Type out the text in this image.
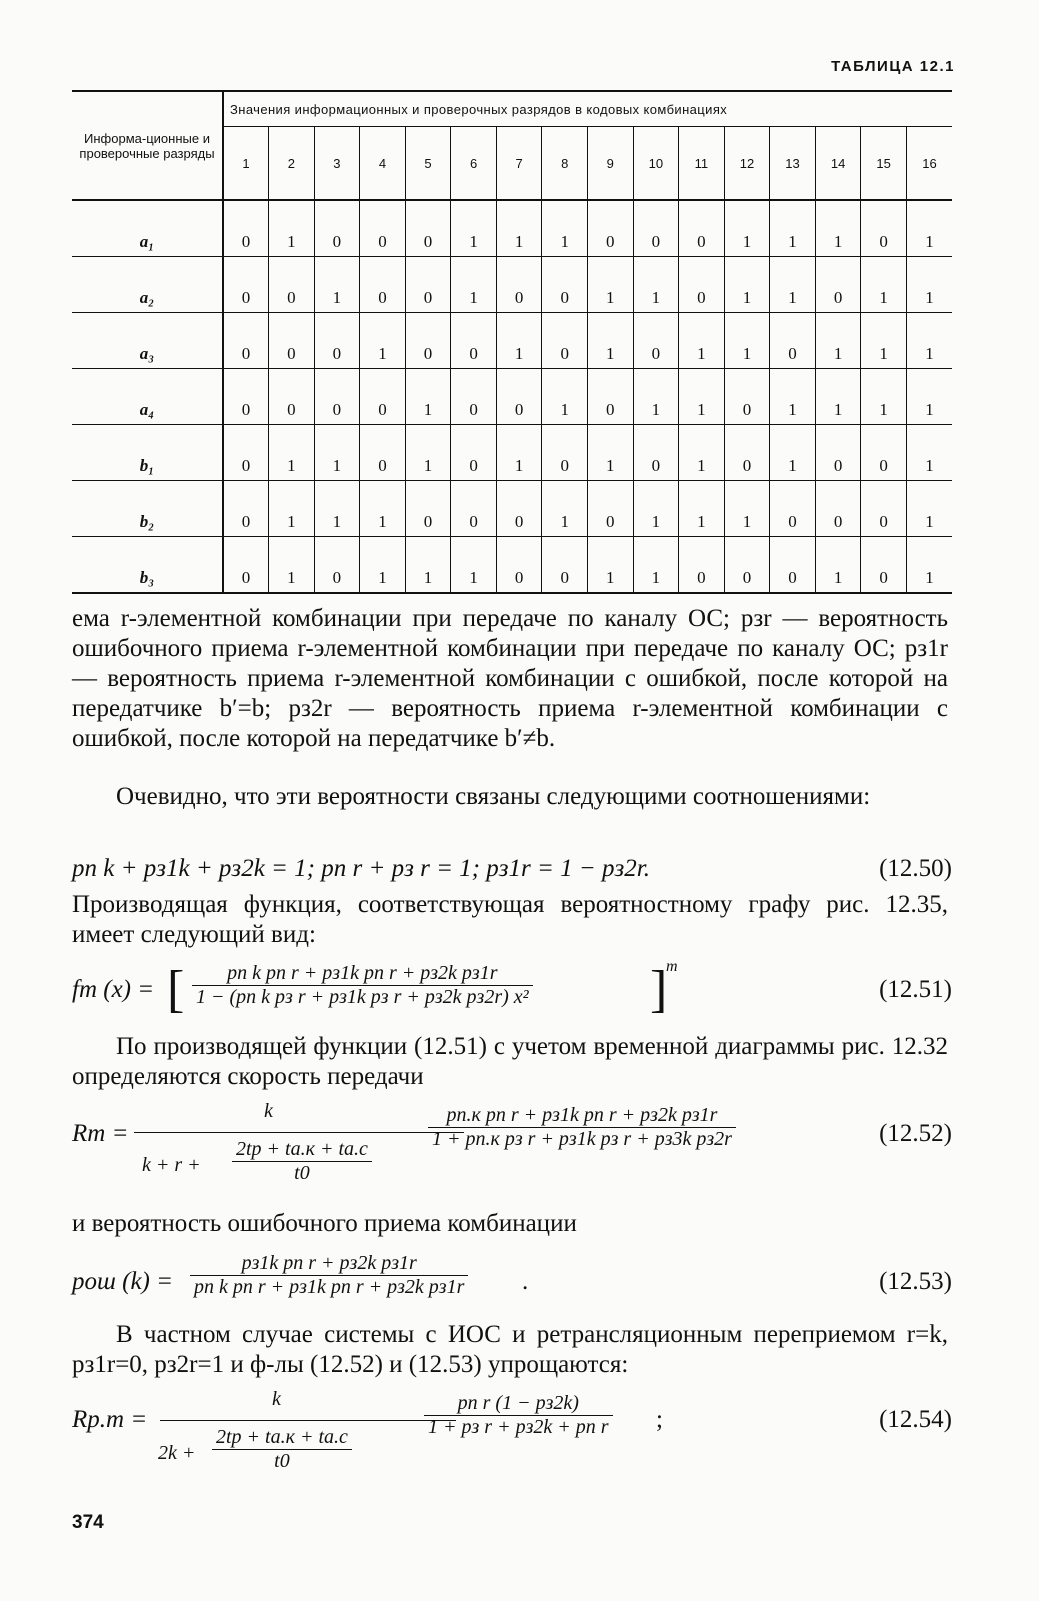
ТАБЛИЦА 12.1
Информа-ционные и проверочные разряды	Значения информационных и проверочных разрядов в кодовых комбинациях															
	1	2	3	4	5	6	7	8	9	10	11	12	13	14	15	16
a₁	0	1	0	0	0	1	1	1	0	0	0	1	1	1	0	1
a₂	0	0	1	0	0	1	0	0	1	1	0	1	1	0	1	1
a₃	0	0	0	1	0	0	1	0	1	0	1	1	0	1	1	1
a₄	0	0	0	0	1	0	0	1	0	1	1	0	1	1	1	1
b₁	0	1	1	0	1	0	1	0	1	0	1	0	1	0	0	1
b₂	0	1	1	1	0	0	0	1	0	1	1	1	0	0	0	1
b₃	0	1	0	1	1	1	0	0	1	1	0	0	0	1	0	1
ема r-элементной комбинации при передаче по каналу ОС; pзr — вероятность ошибочного приема r-элементной комбинации при передаче по каналу ОС; pз1r — вероятность приема r-элементной комбинации с ошибкой, после которой на передатчике b′=b; pз2r — вероятность приема r-элементной комбинации с ошибкой, после которой на передатчике b′≠b.
Очевидно, что эти вероятности связаны следующими соотношениями:
pп k + pз1k + pз2k = 1; pп r + pз r = 1; pз1r = 1 − pз2r.	(12.50)
Производящая функция, соответствующая вероятностному графу рис. 12.35, имеет следующий вид:
fm (x) = [	pп k pп r + pз1k pп r + pз2k pз1r
1 − (pп k pз r + pз1k pз r + pз2k pз2r) x² ]
m
(12.51)
По производящей функции (12.51) с учетом временной диаграммы рис. 12.32 определяются скорость передачи
Rт =
k
k + r +
2tp + tа.к + tа.с
t0
pп.к pп r + pз1k pп r + pз2k pз1r
1 + pп.к pз r + pз1k pз r + pз3k pз2r	(12.52)
и вероятность ошибочного приема комбинации
pош (k) =
pз1k pп r + pз2k pз1r
pп k pп r + pз1k pп r + pз2k pз1r .	(12.53)
В частном случае системы с ИОС и ретрансляционным переприемом r=k, pз1r=0, pз2r=1 и ф-лы (12.52) и (12.53) упрощаются:
Rр.т =
k
2k +
2tp + tа.к + tа.с
t0
pп r (1 − pз2k)
1 + pз r + pз2k + pп r ;	(12.54)
374
